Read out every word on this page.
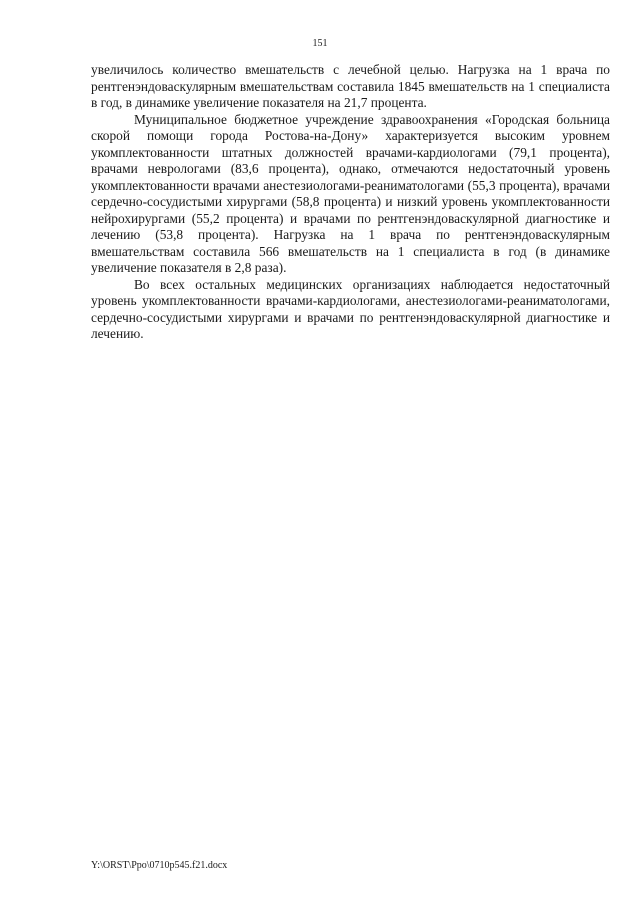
151

увеличилось количество вмешательств с лечебной целью. Нагрузка на 1 врача по рентгенэндоваскулярным вмешательствам составила 1845 вмешательств на 1 специалиста в год, в динамике увеличение показателя на 21,7 процента.

Муниципальное бюджетное учреждение здравоохранения «Городская больница скорой помощи города Ростова-на-Дону» характеризуется высоким уровнем укомплектованности штатных должностей врачами-кардиологами (79,1 процента), врачами неврологами (83,6 процента), однако, отмечаются недостаточный уровень укомплектованности врачами анестезиологами-реаниматологами (55,3 процента), врачами сердечно-сосудистыми хирургами (58,8 процента) и низкий уровень укомплектованности нейрохирургами (55,2 процента) и врачами по рентгенэндоваскулярной диагностике и лечению (53,8 процента). Нагрузка на 1 врача по рентгенэндоваскулярным вмешательствам составила 566 вмешательств на 1 специалиста в год (в динамике увеличение показателя в 2,8 раза).

Во всех остальных медицинских организациях наблюдается недостаточный уровень укомплектованности врачами-кардиологами, анестезиологами-реаниматологами, сердечно-сосудистыми хирургами и врачами по рентгенэндоваскулярной диагностике и лечению.

Y:\ORST\Ppo\0710p545.f21.docx
